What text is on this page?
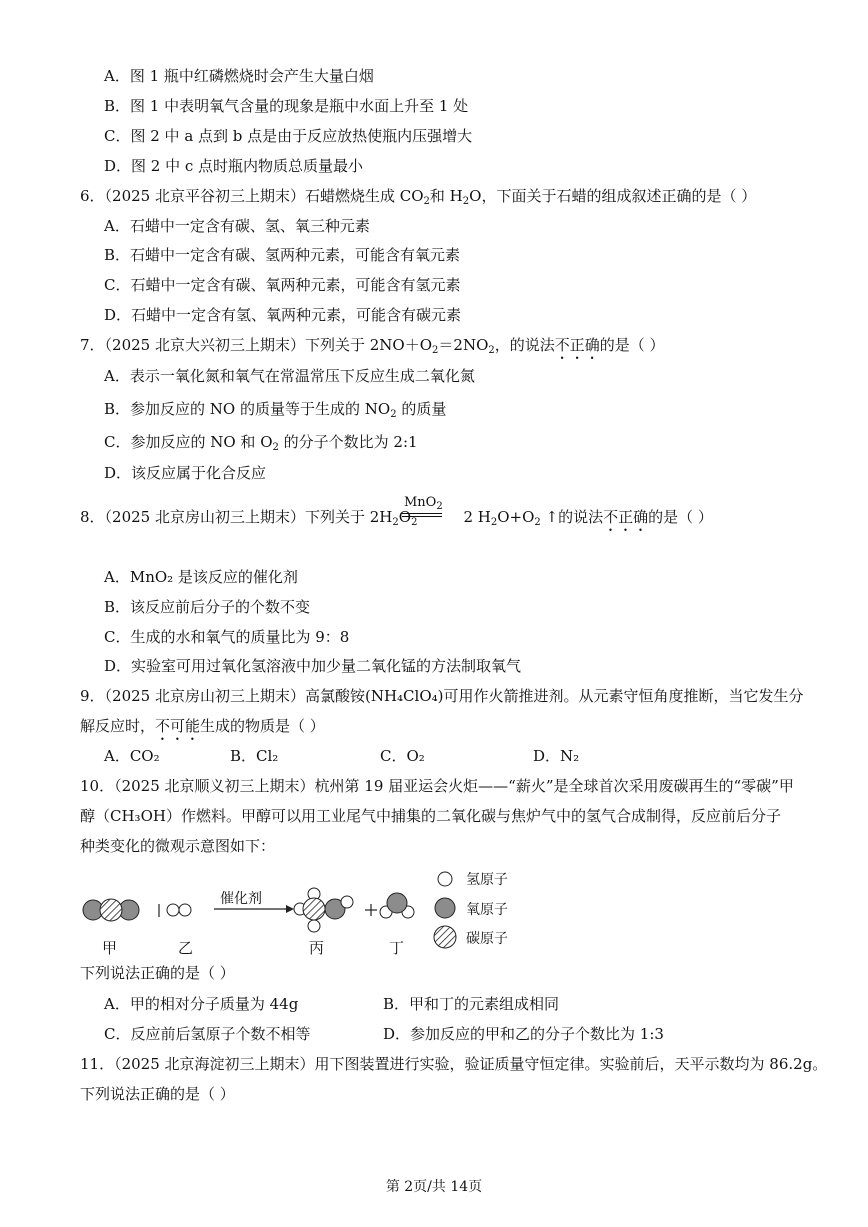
A．图 1 瓶中红磷燃烧时会产生大量白烟
B．图 1 中表明氧气含量的现象是瓶中水面上升至 1 处
C．图 2 中 a 点到 b 点是由于反应放热使瓶内压强增大
D．图 2 中 c 点时瓶内物质总质量最小
6．（2025 北京平谷初三上期末）石蜡燃烧生成 $CO_2$和 $H_2O$，下面关于石蜡的组成叙述正确的是（ ）
A．石蜡中一定含有碳、氢、氧三种元素
B．石蜡中一定含有碳、氢两种元素，可能含有氧元素
C．石蜡中一定含有碳、氧两种元素，可能含有氢元素
D．石蜡中一定含有氢、氧两种元素，可能含有碳元素
7．（2025 北京大兴初三上期末）下列关于 $2NO+O_2=2NO_2$，的说法不正确的是（ ）
A．表示一氧化氮和氧气在常温常压下反应生成二氧化氮
B．参加反应的 NO 的质量等于生成的 $NO_2$ 的质量
C．参加反应的 NO 和 $O_2$ 的分子个数比为 2:1
D．该反应属于化合反应
MnO$_2$
8．（2025 北京房山初三上期末）下列关于 $2H_2O_2$	2 $H_2O+O_2$ ↑的说法不正确的是（ ）
A．MnO₂ 是该反应的催化剂
B．该反应前后分子的个数不变
C．生成的水和氧气的质量比为 9：8
D．实验室可用过氧化氢溶液中加少量二氧化锰的方法制取氧气
9．（2025 北京房山初三上期末）高氯酸铵(NH₄ClO₄)可用作火箭推进剂。从元素守恒角度推断，当它发生分
解反应时，不可能生成的物质是（ ）
A．CO₂	B．Cl₂	C．O₂	D．N₂
10．（2025 北京顺义初三上期末）杭州第 19 届亚运会火炬——“薪火”是全球首次采用废碳再生的“零碳”甲
醇（CH₃OH）作燃料。甲醇可以用工业尾气中捕集的二氧化碳与焦炉气中的氢气合成制得，反应前后分子
种类变化的微观示意图如下：
催化剂
甲	乙	丙	丁
氢原子
氧原子
碳原子
下列说法正确的是（ ）
A．甲的相对分子质量为 44g	B．甲和丁的元素组成相同
C．反应前后氢原子个数不相等	D．参加反应的甲和乙的分子个数比为 1:3
11．（2025 北京海淀初三上期末）用下图装置进行实验，验证质量守恒定律。实验前后，天平示数均为 86.2g。
下列说法正确的是（ ）
第 2页/共 14页
